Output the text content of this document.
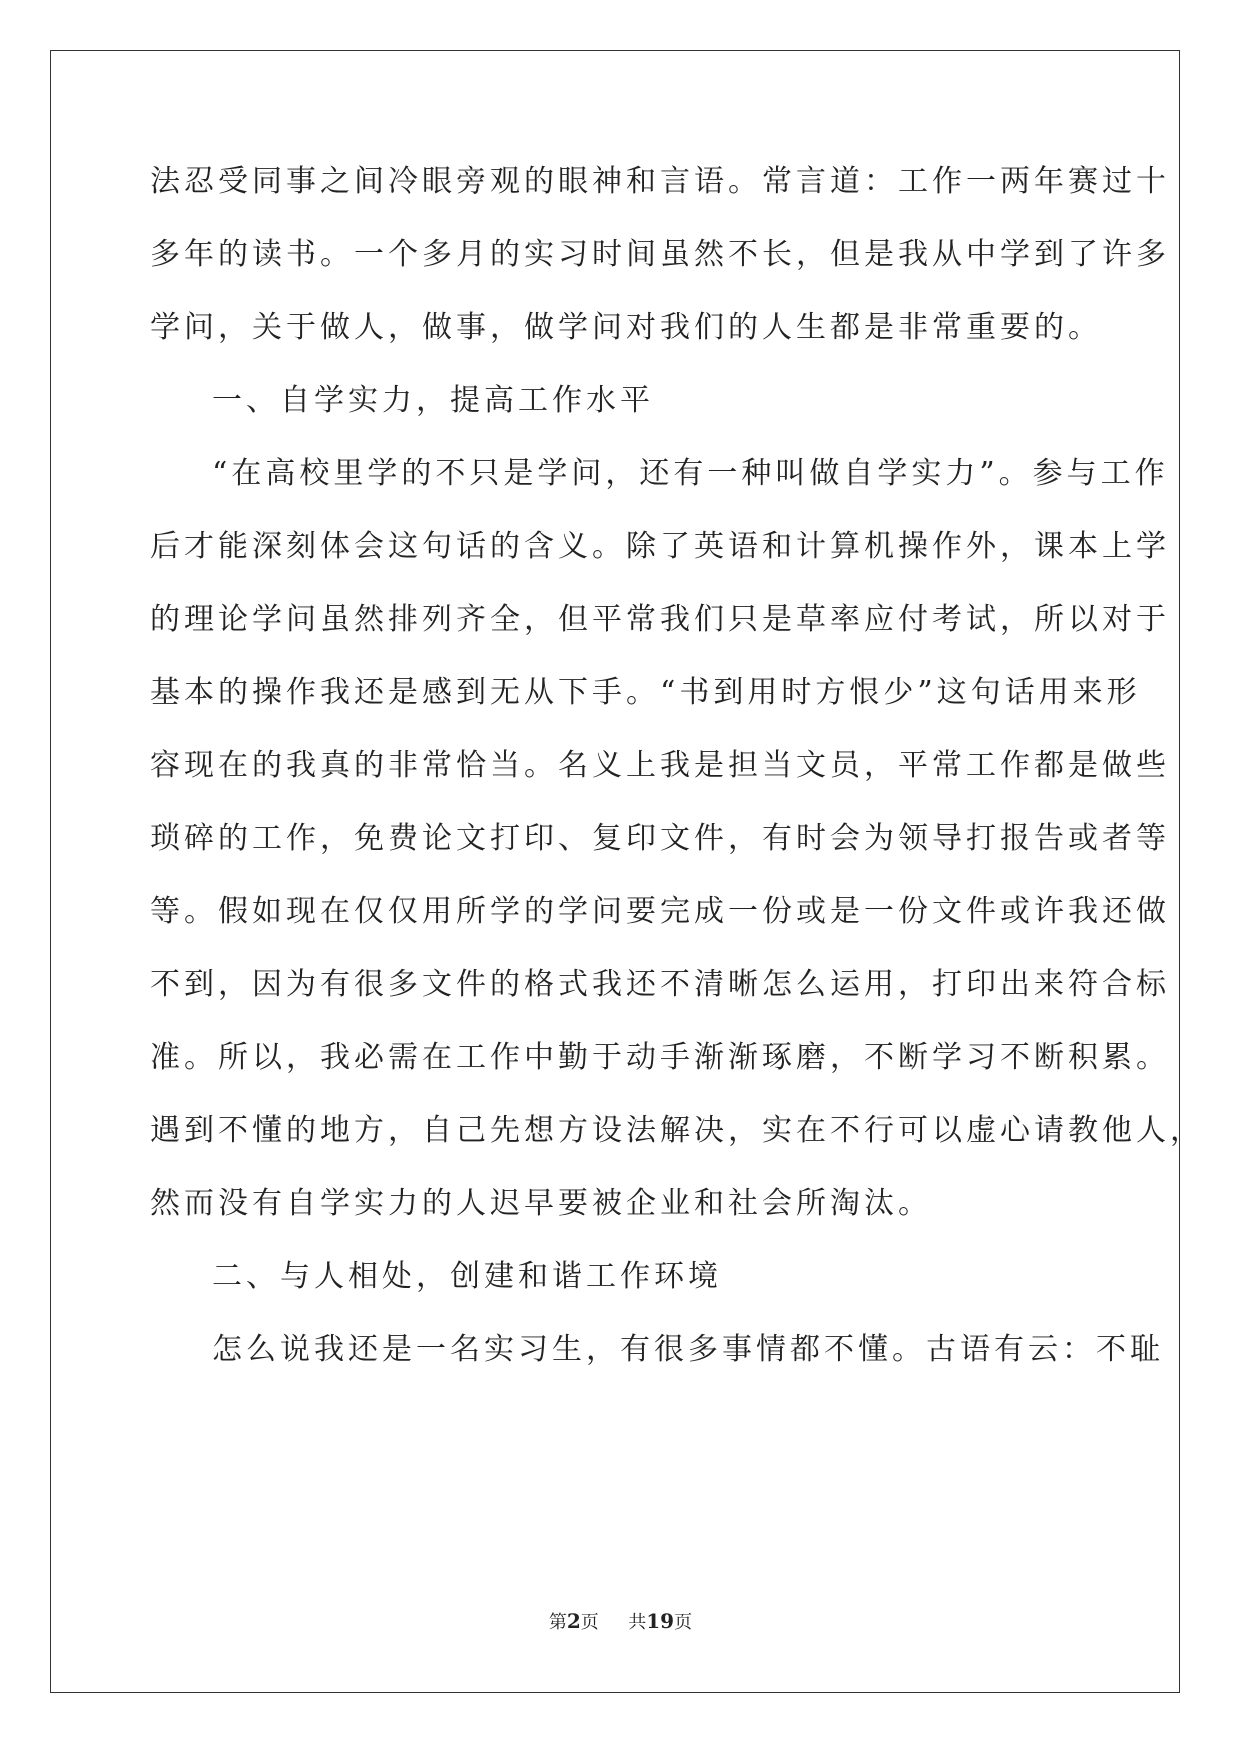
法忍受同事之间冷眼旁观的眼神和言语。常言道：工作一两年赛过十
多年的读书。一个多月的实习时间虽然不长，但是我从中学到了许多
学问，关于做人，做事，做学问对我们的人生都是非常重要的。
一、自学实力，提高工作水平
“在高校里学的不只是学问，还有一种叫做自学实力”。参与工作
后才能深刻体会这句话的含义。除了英语和计算机操作外，课本上学
的理论学问虽然排列齐全，但平常我们只是草率应付考试，所以对于
基本的操作我还是感到无从下手。“书到用时方恨少”这句话用来形
容现在的我真的非常恰当。名义上我是担当文员，平常工作都是做些
琐碎的工作，免费论文打印、复印文件，有时会为领导打报告或者等
等。假如现在仅仅用所学的学问要完成一份或是一份文件或许我还做
不到，因为有很多文件的格式我还不清晰怎么运用，打印出来符合标
准。所以，我必需在工作中勤于动手渐渐琢磨，不断学习不断积累。
遇到不懂的地方，自己先想方设法解决，实在不行可以虚心请教他人，
然而没有自学实力的人迟早要被企业和社会所淘汰。
二、与人相处，创建和谐工作环境
怎么说我还是一名实习生，有很多事情都不懂。古语有云：不耻
第2页 共19页
